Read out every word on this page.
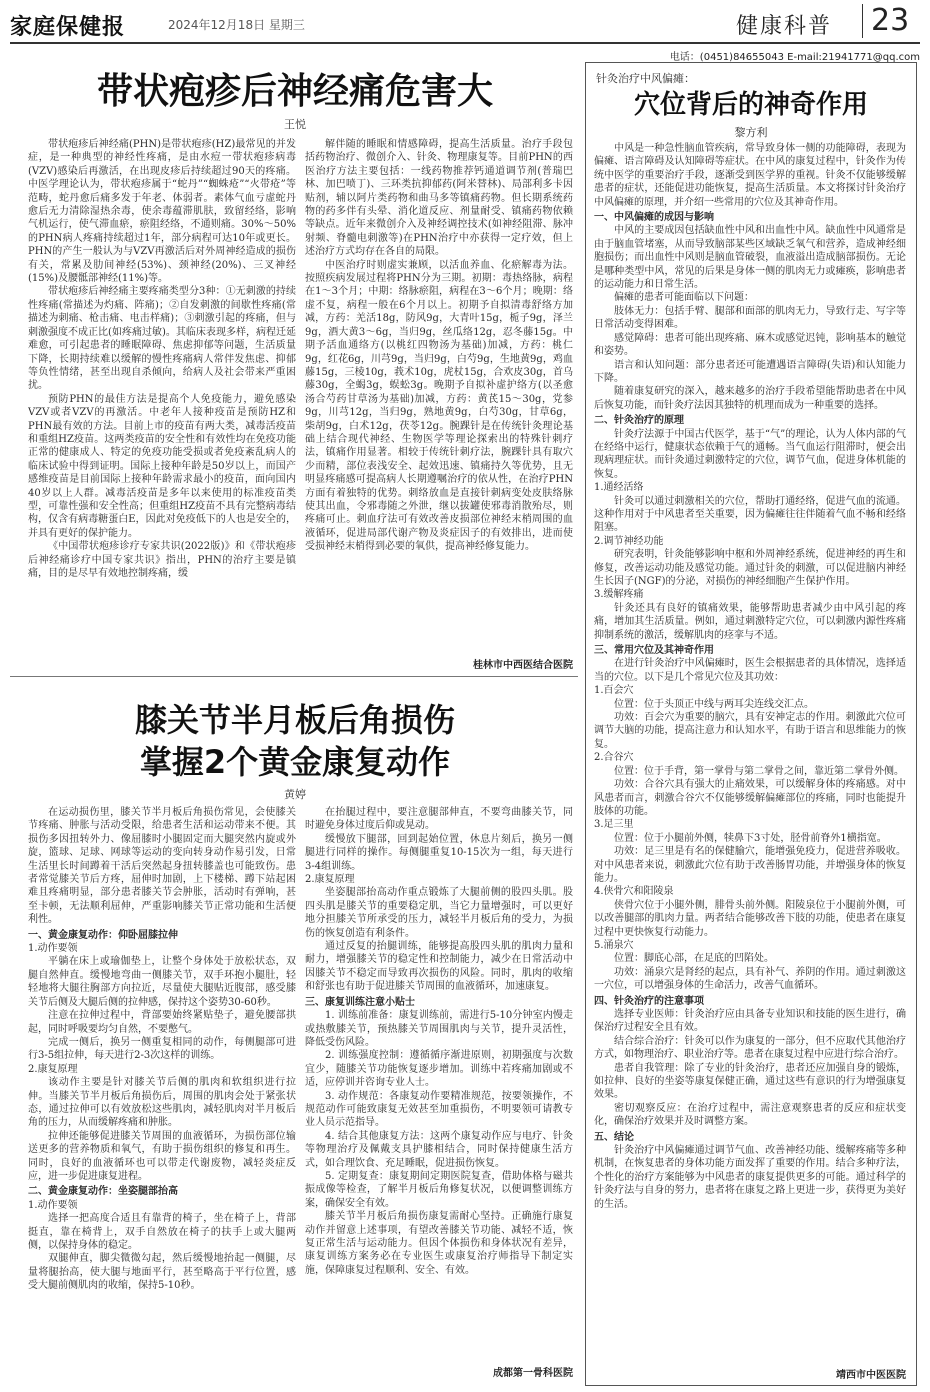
家庭保健报	2024年12月18日 星期三	健康科普	23
电话：(0451)84655043 E-mail:21941771@qq.com
带状疱疹后神经痛危害大
王悦

带状疱疹后神经痛(PHN)是带状疱疹(HZ)最常见的并发症，是一种典型的神经性疼痛，是由水痘一带状疱疹病毒(VZV)感染后再激活，在出现皮疹后持续超过90天的疼痛。中医学理论认为，带状疱疹属于“蛇丹”“蜘蛛疮”“火带疮”等范畴，蛇丹愈后痛多发于年老、体弱者。素体气血亏虚蛇丹愈后无力清除湿热余毒，使余毒蕴滞肌肤，致留经络，影响气机运行，使气滞血瘀，瘀阻经络，不通则痛。30%～50%的PHN病人疼痛持续超过1年，部分病程可达10年或更长。PHN的产生一般认为与VZV再激活后对外周神经造成的损伤有关，常累及肋间神经(53%)、颈神经(20%)、三叉神经(15%)及腰骶部神经(11%)等。

带状疱疹后神经痛主要疼痛类型分3种：①无刺激的持续性疼痛(常描述为灼痛、阵痛)；②自发刺激的间歇性疼痛(常描述为刺痛、枪击痛、电击样痛)；③刺激引起的疼痛，但与刺激强度不成正比(如疼痛过敏)。其临床表现多样，病程迁延难愈，可引起患者的睡眠障碍、焦虑抑郁等问题，生活质量下降，长期持续难以缓解的慢性疼痛病人常伴发焦虑、抑郁等负性情绪，甚至出现自杀倾向，给病人及社会带来严重困扰。

预防PHN的最佳方法是提高个人免疫能力，避免感染VZV或者VZV的再激活。中老年人接种疫苗是预防HZ和PHN最有效的方法。目前上市的疫苗有两大类，减毒活疫苗和重组HZ疫苗。这两类疫苗的安全性和有效性均在免疫功能正常的健康成人、特定的免疫功能受损或者免疫紊乱病人的临床试验中得到证明。国际上接种年龄是50岁以上，而国产感维疫苗是目前国际上接种年龄需求最小的疫苗，面向国内40岁以上人群。减毒活疫苗是多年以来使用的标准疫苗类型，可靠性强和安全性高；但重组HZ疫苗不具有完整病毒结构，仅含有病毒糖蛋白E，因此对免疫低下的人也是安全的，并具有更好的保护能力。

《中国带状疱疹诊疗专家共识(2022版)》和《带状疱疹后神经痛诊疗中国专家共识》指出，PHN的治疗主要是镇痛，目的是尽早有效地控制疼痛，缓

解伴随的睡眠和情感障碍，提高生活质量。治疗手段包括药物治疗、微创介入、针灸、物理康复等。目前PHN的西医治疗方法主要包括：一线药物推荐钙通道调节剂(普瑞巴林、加巴喷丁)、三环类抗抑郁药(阿米替林)、局部利多卡因贴剂，辅以阿片类药物和曲马多等镇痛药物。但长期系统药物的药多伴有头晕、消化道反应、剂量耐受、镇痛药物依赖等缺点。近年来微创介入及神经调控技术(如神经阻滞、脉冲射频、脊髓电刺激等)在PHN治疗中亦获得一定疗效，但上述治疗方式均存在各自的局限。

中医治疗时则虚实兼顾，以活血养血、化瘀解毒为法。按照疾病发展过程将PHN分为三期。初期：毒热络脉，病程在1～3个月；中期：络脉瘀阻，病程在3～6个月；晚期：络虚不复，病程一般在6个月以上。初期予自拟清毒舒络方加减，方药：羌活18g，防风9g，大青叶15g，栀子9g，泽兰9g，酒大黄3～6g，当归9g，丝瓜络12g，忍冬藤15g。中期予活血通络方(以桃红四物汤为基础)加减，方药：桃仁9g，红花6g，川芎9g，当归9g，白芍9g，生地黄9g，鸡血藤15g，三棱10g，莪术10g，虎杖15g，合欢皮30g，首乌藤30g，全蝎3g，蜈蚣3g。晚期予自拟补虚护络方(以圣愈汤合芍药甘草汤为基础)加减，方药：黄芪15～30g，党参9g，川芎12g，当归9g，熟地黄9g，白芍30g，甘草6g，柴胡9g，白术12g，茯苓12g。腕踝针是在传统针灸理论基础上结合现代神经、生物医学等理论探索出的特殊针刺疗法，镇痛作用显著。相较于传统针刺疗法，腕踝针具有取穴少而精，部位表浅安全、起效迅速、镇痛持久等优势，且无明显疼痛感可提高病人长期遵嘱治疗的依从性，在治疗PHN方面有着独特的优势。刺络放血是直接针刺病变处皮肤络脉使其出血，令邪毒随之外泄，继以拔罐使邪毒消散殆尽，则疼痛可止。刺血疗法可有效改善皮损部位神经末梢周围的血液循环，促进局部代谢产物及炎症因子的有效排出，进而使受损神经末梢得到必要的氧供，提高神经修复能力。

桂林市中西医结合医院
膝关节半月板后角损伤
掌握2个黄金康复动作
黄婷

在运动损伤里，膝关节半月板后角损伤常见，会使膝关节疼痛、肿胀与活动受限，给患者生活和运动带来不便。其损伤多因扭转外力、像屈膝时小腿固定而大腿突然内旋或外旋，篮球、足球、网球等运动的变向转身动作易引发，日常生活里长时间蹲着干活后突然起身扭转膝盖也可能致伤。患者常觉膝关节后方疼，屈伸时加剧，上下楼梯、蹲下站起困难且疼痛明显，部分患者膝关节会肿胀，活动时有弹响，甚至卡顿，无法顺利屈伸，严重影响膝关节正常功能和生活便利性。

一、黄金康复动作：仰卧屈膝拉伸

1.动作要领

平躺在床上或瑜伽垫上，让整个身体处于放松状态，双腿自然伸直。缓慢地弯曲一侧膝关节，双手环抱小腿肚，轻轻地将大腿往胸部方向拉近，尽量使大腿贴近腹部，感受膝关节后侧及大腿后侧的拉伸感，保持这个姿势30-60秒。

注意在拉伸过程中，背部要始终紧贴垫子，避免腰部拱起，同时呼吸要均匀自然，不要憋气。

完成一侧后，换另一侧重复相同的动作，每侧腿部可进行3-5组拉伸，每天进行2-3次这样的训练。

2.康复原理

该动作主要是针对膝关节后侧的肌肉和软组织进行拉伸。当膝关节半月板后角损伤后，周围的肌肉会处于紧张状态，通过拉伸可以有效放松这些肌肉，减轻肌肉对半月板后角的压力，从而缓解疼痛和肿胀。

拉伸还能够促进膝关节周围的血液循环，为损伤部位输送更多的营养物质和氧气，有助于损伤组织的修复和再生。同时，良好的血液循环也可以带走代谢废物，减轻炎症反应，进一步促进康复进程。

二、黄金康复动作：坐姿腿部抬高

1.动作要领

选择一把高度合适且有靠背的椅子，坐在椅子上，背部挺直，靠在椅背上，双手自然放在椅子的扶手上或大腿两侧，以保持身体的稳定。

双腿伸直，脚尖微微勾起，然后缓慢地抬起一侧腿，尽量将腿抬高，使大腿与地面平行，甚至略高于平行位置，感受大腿前侧肌肉的收缩，保持5-10秒。

在抬腿过程中，要注意腿部伸直，不要弯曲膝关节，同时避免身体过度后仰或晃动。

缓慢放下腿部，回到起始位置，休息片刻后，换另一侧腿进行同样的操作。每侧腿重复10-15次为一组，每天进行3-4组训练。

2.康复原理

坐姿腿部抬高动作重点锻炼了大腿前侧的股四头肌。股四头肌是膝关节的重要稳定肌，当它力量增强时，可以更好地分担膝关节所承受的压力，减轻半月板后角的受力，为损伤的恢复创造有利条件。

通过反复的抬腿训练，能够提高股四头肌的肌肉力量和耐力，增强膝关节的稳定性和控制能力，减少在日常活动中因膝关节不稳定而导致再次损伤的风险。同时，肌肉的收缩和舒张也有助于促进膝关节周围的血液循环，加速康复。

三、康复训练注意小贴士

1. 训练前准备：康复训练前，需进行5-10分钟室内慢走或热敷膝关节，预热膝关节周围肌肉与关节，提升灵活性，降低受伤风险。

2. 训练强度控制：遵循循序渐进原则，初期强度与次数宜少，随膝关节功能恢复逐步增加。训练中若疼痛加剧或不适，应停训并咨询专业人士。

3. 动作规范：各康复动作要精准规范，按要领操作，不规范动作可能致康复无效甚至加重损伤，不明要领可请教专业人员示范指导。

4. 结合其他康复方法：这两个康复动作应与电疗、针灸等物理治疗及佩戴支具护膝相结合，同时保持健康生活方式，如合理饮食、充足睡眠，促进损伤恢复。

5. 定期复查：康复期间定期医院复查，借助体格与磁共振成像等检查，了解半月板后角修复状况，以便调整训练方案，确保安全有效。

膝关节半月板后角损伤康复需耐心坚持。正确施行康复动作并留意上述事项，有望改善膝关节功能、减轻不适，恢复正常生活与运动能力。但因个体损伤和身体状况有差异，康复训练方案务必在专业医生或康复治疗师指导下制定实施，保障康复过程顺利、安全、有效。

成都第一骨科医院
针灸治疗中风偏瘫：
穴位背后的神奇作用
黎方利

中风是一种急性脑血管疾病，常导致身体一侧的功能障碍，表现为偏瘫、语言障碍及认知障碍等症状。在中风的康复过程中，针灸作为传统中医学的重要治疗手段，逐渐受到医学界的重视。针灸不仅能够缓解患者的症状，还能促进功能恢复，提高生活质量。本文将探讨针灸治疗中风偏瘫的原理，并介绍一些常用的穴位及其神奇作用。

一、中风偏瘫的成因与影响

中风的主要成因包括缺血性中风和出血性中风。缺血性中风通常是由于脑血管堵塞，从而导致脑部某些区域缺乏氧气和营养，造成神经细胞损伤；而出血性中风则是脑血管破裂，血液溢出造成脑部损伤。无论是哪种类型中风，常见的后果是身体一侧的肌肉无力或瘫痪，影响患者的运动能力和日常生活。

偏瘫的患者可能面临以下问题：

肢体无力：包括手臂、腿部和面部的肌肉无力，导致行走、写字等日常活动变得困难。

感觉障碍：患者可能出现疼痛、麻木或感觉迟钝，影响基本的触觉和姿势。

语言和认知问题：部分患者还可能遭遇语言障碍(失语)和认知能力下降。

随着康复研究的深入，越来越多的治疗手段希望能帮助患者在中风后恢复功能，而针灸疗法因其独特的机理而成为一种重要的选择。

二、针灸治疗的原理

针灸疗法源于中国古代医学，基于“气”的理论，认为人体内部的气在经络中运行，健康状态依赖于气的通畅。当气血运行阻滞时，便会出现病理症状。而针灸通过刺激特定的穴位，调节气血，促进身体机能的恢复。

1.通经活络

针灸可以通过刺激相关的穴位，帮助打通经络，促进气血的流通。这种作用对于中风患者至关重要，因为偏瘫往往伴随着气血不畅和经络阻塞。

2.调节神经功能

研究表明，针灸能够影响中枢和外周神经系统，促进神经的再生和修复，改善运动功能及感觉功能。通过针灸的刺激，可以促进脑内神经生长因子(NGF)的分泌，对损伤的神经细胞产生保护作用。

3.缓解疼痛

针灸还具有良好的镇痛效果，能够帮助患者减少由中风引起的疼痛，增加其生活质量。例如，通过刺激特定穴位，可以刺激内源性疼痛抑制系统的激活，缓解肌肉的痉挛与不适。

三、常用穴位及其神奇作用

在进行针灸治疗中风偏瘫时，医生会根据患者的具体情况，选择适当的穴位。以下是几个常见穴位及其功效：

1.百会穴

位置：位于头顶正中线与两耳尖连线交汇点。

功效：百会穴为重要的脑穴，具有安神定志的作用。刺激此穴位可调节大脑的功能，提高注意力和认知水平，有助于语言和思维能力的恢复。

2.合谷穴

位置：位于手背，第一掌骨与第二掌骨之间，靠近第二掌骨外侧。

功效：合谷穴具有强大的止痛效果，可以缓解身体的疼痛感。对中风患者而言，刺激合谷穴不仅能够缓解偏瘫部位的疼痛，同时也能提升肢体的功能。

3.足三里

位置：位于小腿前外侧，犊鼻下3寸处，胫骨前脊外1横指宽。

功效：足三里是有名的保健腧穴，能增强免疫力，促进营养吸收。对中风患者来说，刺激此穴位有助于改善肠胃功能，并增强身体的恢复能力。

4.侠骨穴和阳陵泉

侠骨穴位于小腿外侧，腓骨头前外侧。阳陵泉位于小腿前外侧，可以改善腿部的肌肉力量。两者结合能够改善下肢的功能，使患者在康复过程中更快恢复行动能力。

5.涌泉穴

位置：脚底心部，在足底的凹陷处。

功效：涌泉穴是肾经的起点，具有补气、养阴的作用。通过刺激这一穴位，可以增强身体的生命活力，改善气血循环。

四、针灸治疗的注意事项

选择专业医师：针灸治疗应由具备专业知识和技能的医生进行，确保治疗过程安全且有效。

结合综合治疗：针灸可以作为康复的一部分，但不应取代其他治疗方式，如物理治疗、职业治疗等。患者在康复过程中应进行综合治疗。

患者自我管理：除了专业的针灸治疗，患者还应加强自身的锻炼，如拉伸、良好的坐姿等康复保健正确，通过这些有意识的行为增强康复效果。

密切观察反应：在治疗过程中，需注意观察患者的反应和症状变化，确保治疗效果并及时调整方案。

五、结论

针灸治疗中风偏瘫通过调节气血、改善神经功能、缓解疼痛等多种机制，在恢复患者的身体功能方面发挥了重要的作用。结合多种疗法，个性化的治疗方案能够为中风患者的康复提供更多的可能。通过科学的针灸疗法与自身的努力，患者将在康复之路上更进一步，获得更为美好的生活。

靖西市中医医院
